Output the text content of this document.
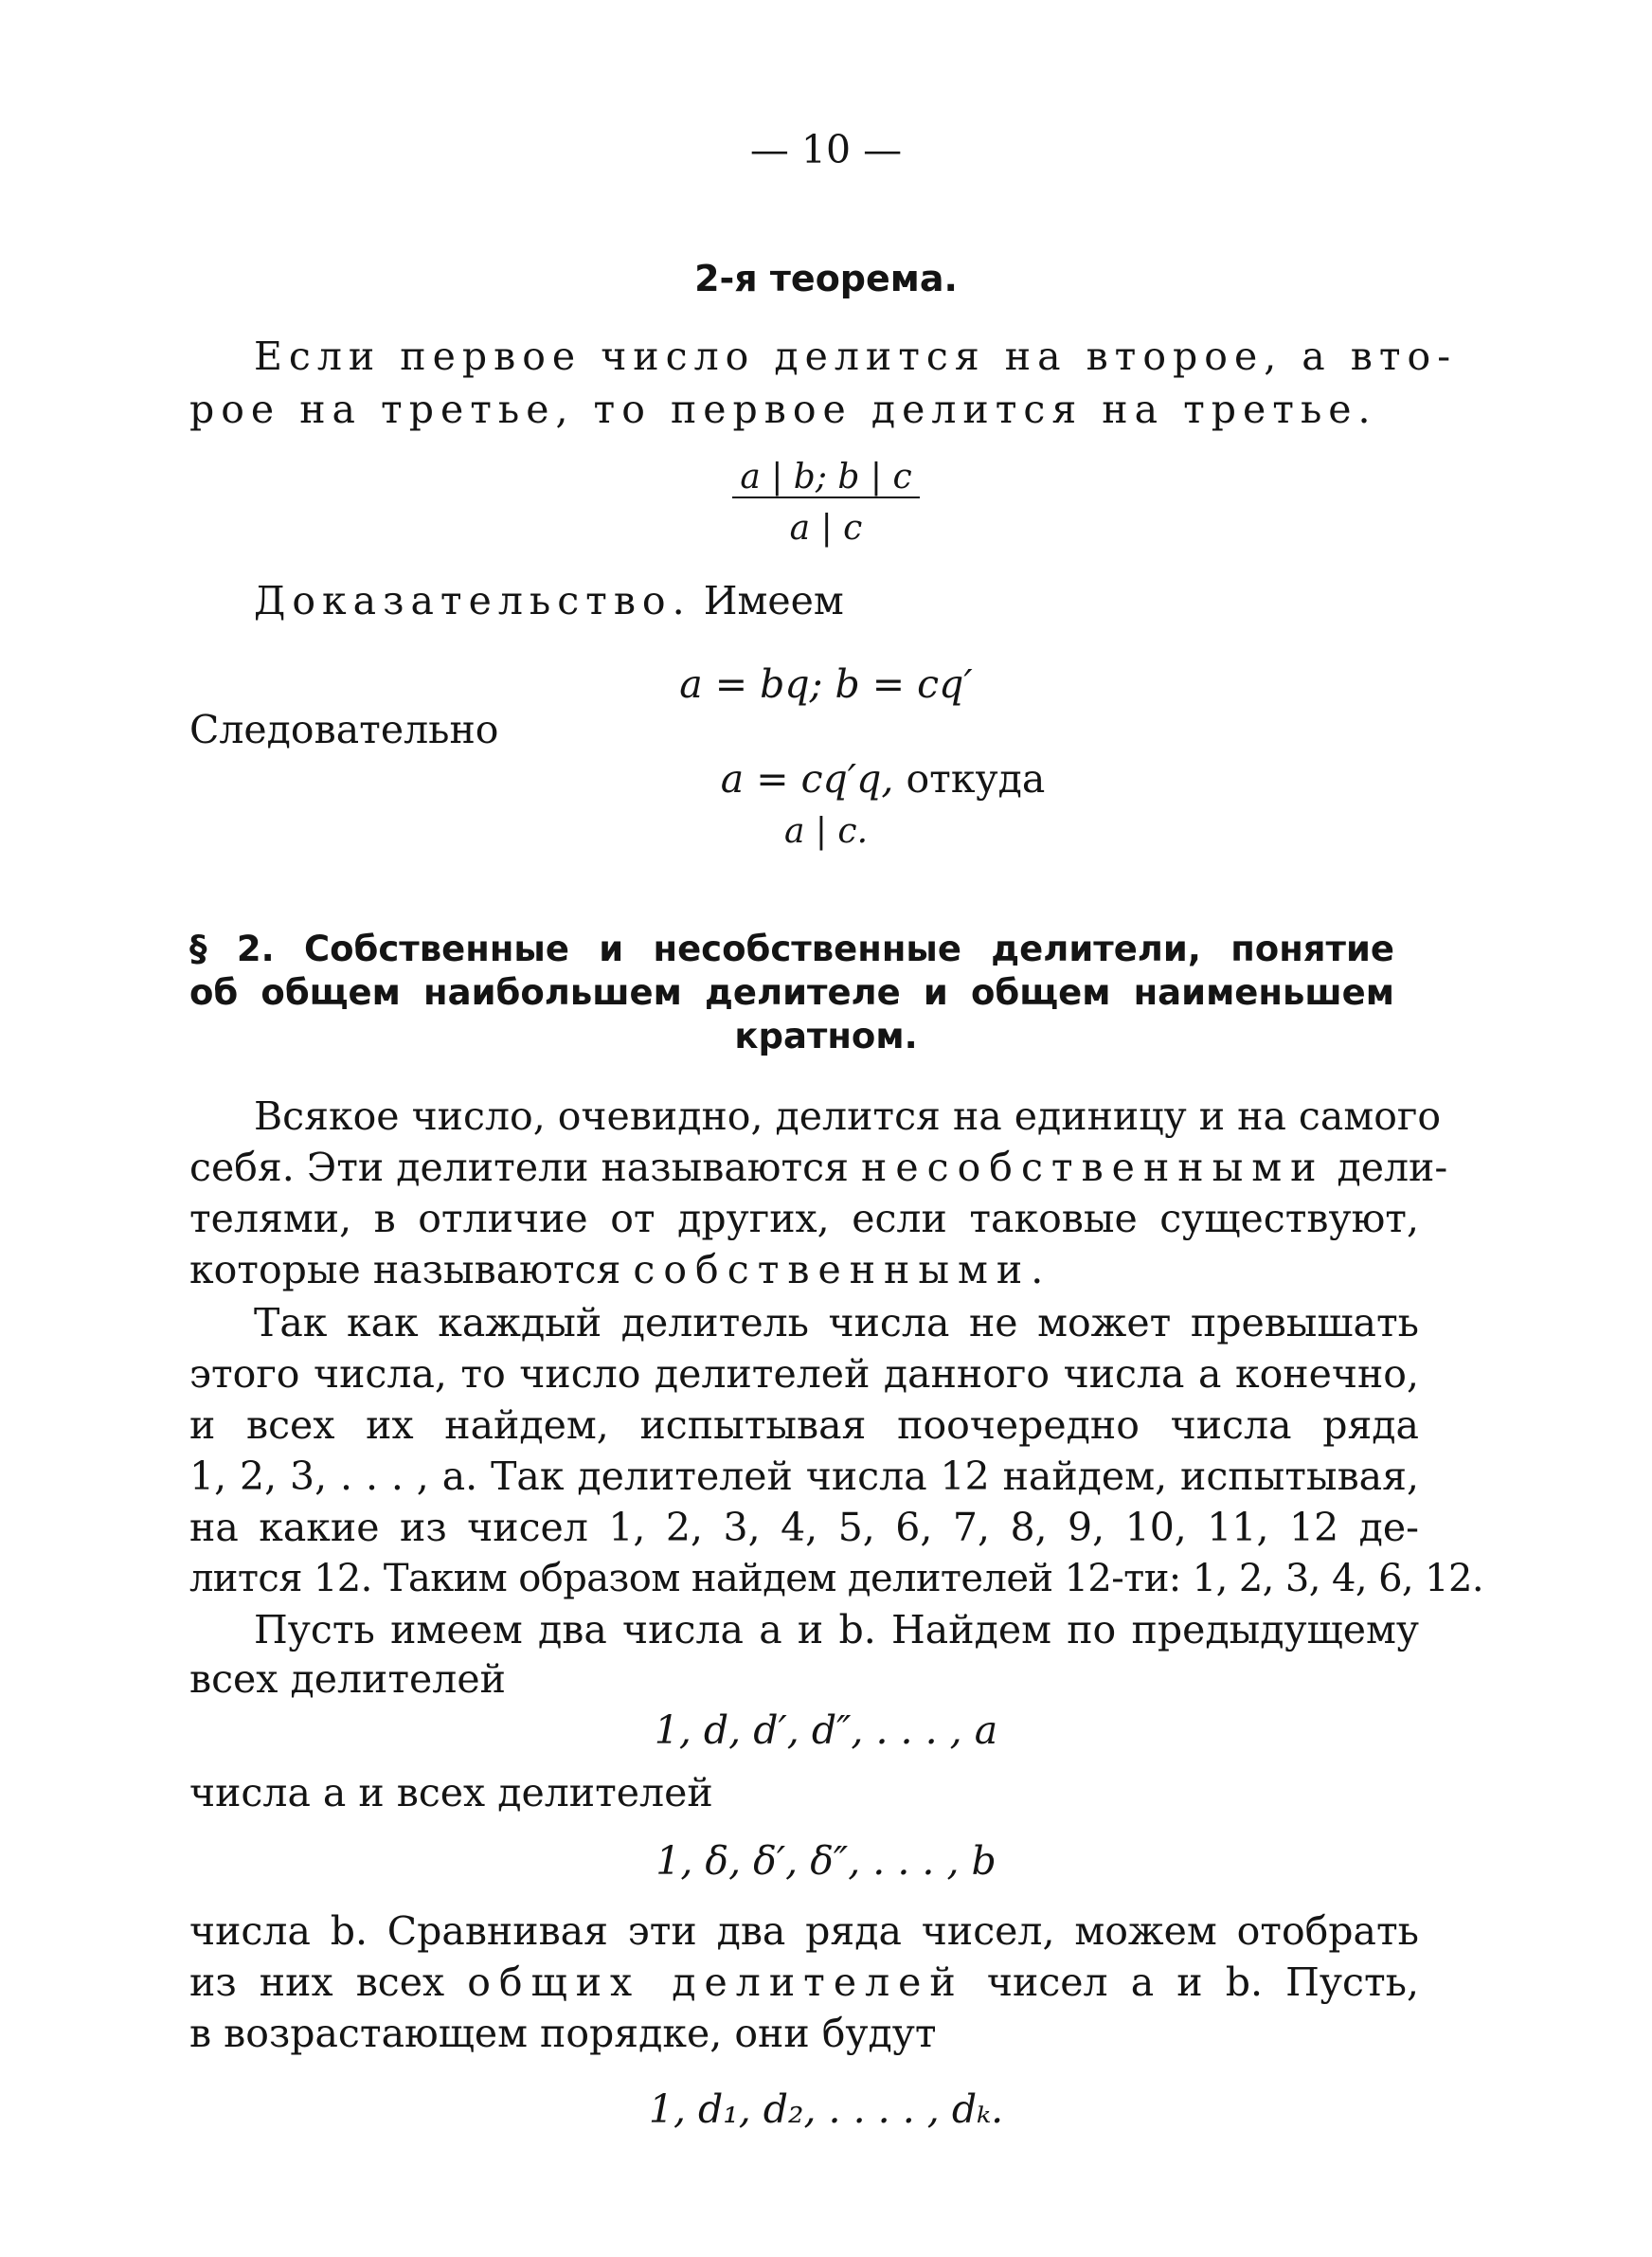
— 10 —
2-я теорема.
Если первое число делится на второе, а вто-
рое на третье, то первое делится на третье.
a | b; b | c
a | c
Доказательство. Имеем
a = bq; b = cq′
Следовательно
a = cq′q, откуда
a | c.
§ 2. Собственные и несобственные делители, понятие
об общем наибольшем делителе и общем наименьшем
кратном.
Всякое число, очевидно, делится на единицу и на самого
себя. Эти делители называются несобственными дели-
телями, в отличие от других, если таковые существуют,
которые называются собственными.
Так как каждый делитель числа не может превышать
этого числа, то число делителей данного числа a конечно,
и всех их найдем, испытывая поочередно числа ряда
1, 2, 3, . . . , a. Так делителей числа 12 найдем, испытывая,
на какие из чисел 1, 2, 3, 4, 5, 6, 7, 8, 9, 10, 11, 12 де-
лится 12. Таким образом найдем делителей 12-ти: 1, 2, 3, 4, 6, 12.
Пусть имеем два числа a и b. Найдем по предыдущему
всех делителей
1, d, d′, d″, . . . , a
числа a и всех делителей
1, δ, δ′, δ″, . . . , b
числа b. Сравнивая эти два ряда чисел, можем отобрать
из них всех общих делителей чисел a и b. Пусть,
в возрастающем порядке, они будут
1, d₁, d₂, . . . . , dₖ.
